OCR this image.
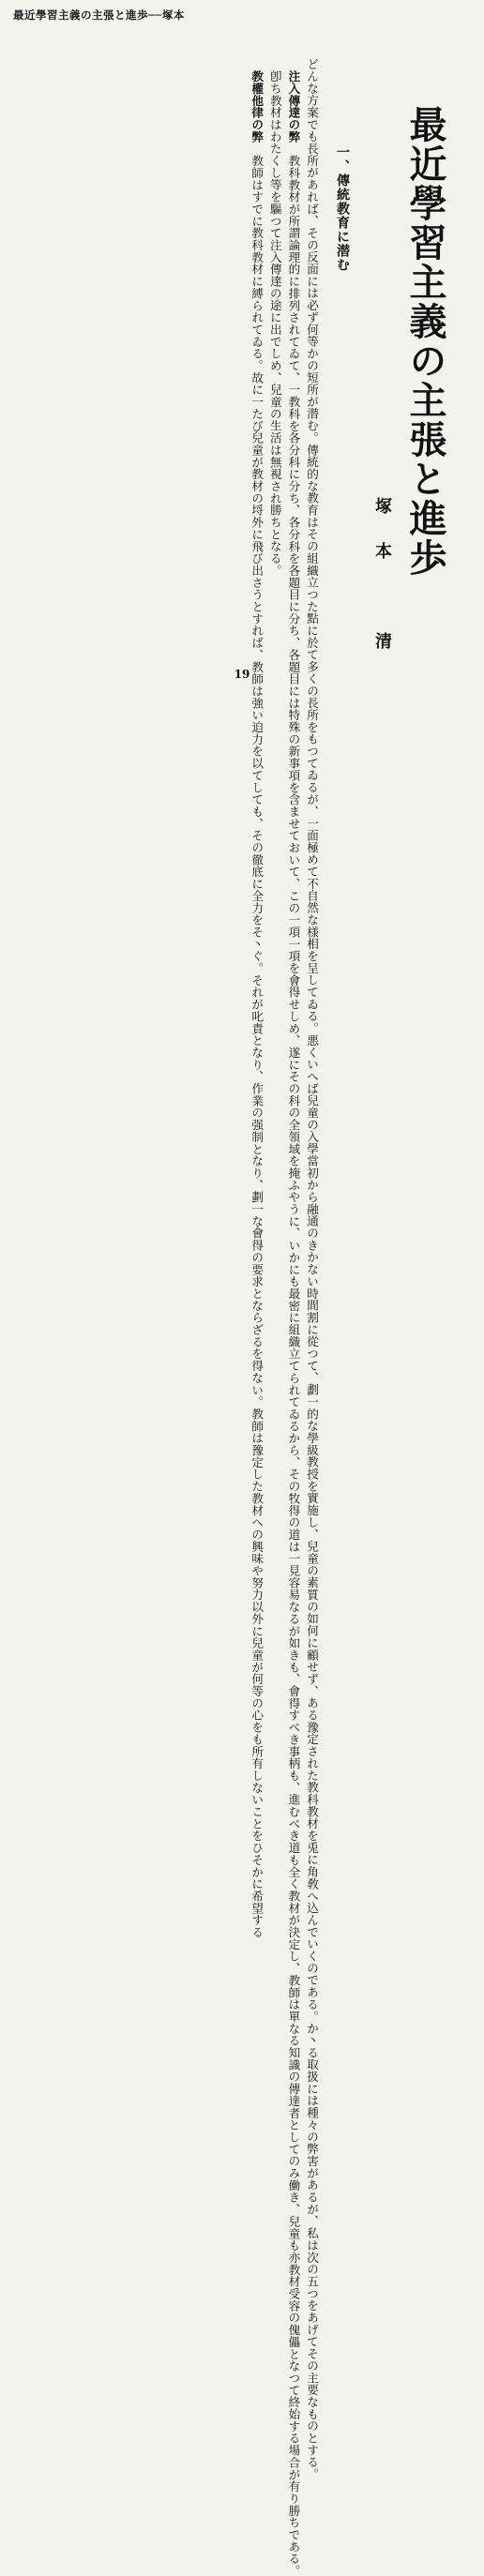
最近學習主義の主張と進歩──塚本
最近學習主義の主張と進歩
塚本　清
一、傳統教育に潜む

どんな方案でも長所があれば、その反面には必ず何等かの短所が潜む。傳統的な教育はその組織立つた點に於て多くの長所をもつてゐるが、一面極めて不自然な様相を呈してゐる。悪くいへば兒童の入學當初から融通のきかない時間割に從つて、劃一的な學級教授を實施し、兒童の素質の如何に顧せず、ある豫定された教科教材を兎に角敎へ込んでいくのである。か丶る取扱には種々の弊害があるが、私は次の五つをあげてその主要なものとする。

注入傳達の弊　教科教材が所謂論理的に排列されてゐて、一教科を各分科に分ち、各分科を各題目に分ち、各題目には特殊の新事項を含ませておいて、この一項一項を會得せしめ、遂にその科の全領域を掩ふやうに、いかにも最密に組織立てられてゐるから、その牧得の道は一見容易なるが如きも、會得すべき事柄も、進むべき道も全く教材が決定し、教師は單なる知識の傳達者としてのみ働き、兒童も亦教材受容の傀儡となつて終始する場合が有り勝ちである。

卽ち教材はわたくし等を驅つて注入傳達の途に出でしめ、兒童の生活は無視され勝ちとなる。

教權他律の弊　教師はすでに教科教材に縛られてゐる。故に一たび兒童が教材の埒外に飛び出さうとすれば、教師は強い迫力を以てしても、その徹底に全力をそ丶ぐ。それが叱責となり、作業の强制となり、劃一な會得の要求とならざるを得ない。教師は豫定した教材への興味や努力以外に兒童が何等の心をも所有しないことをひそかに希望する

19
